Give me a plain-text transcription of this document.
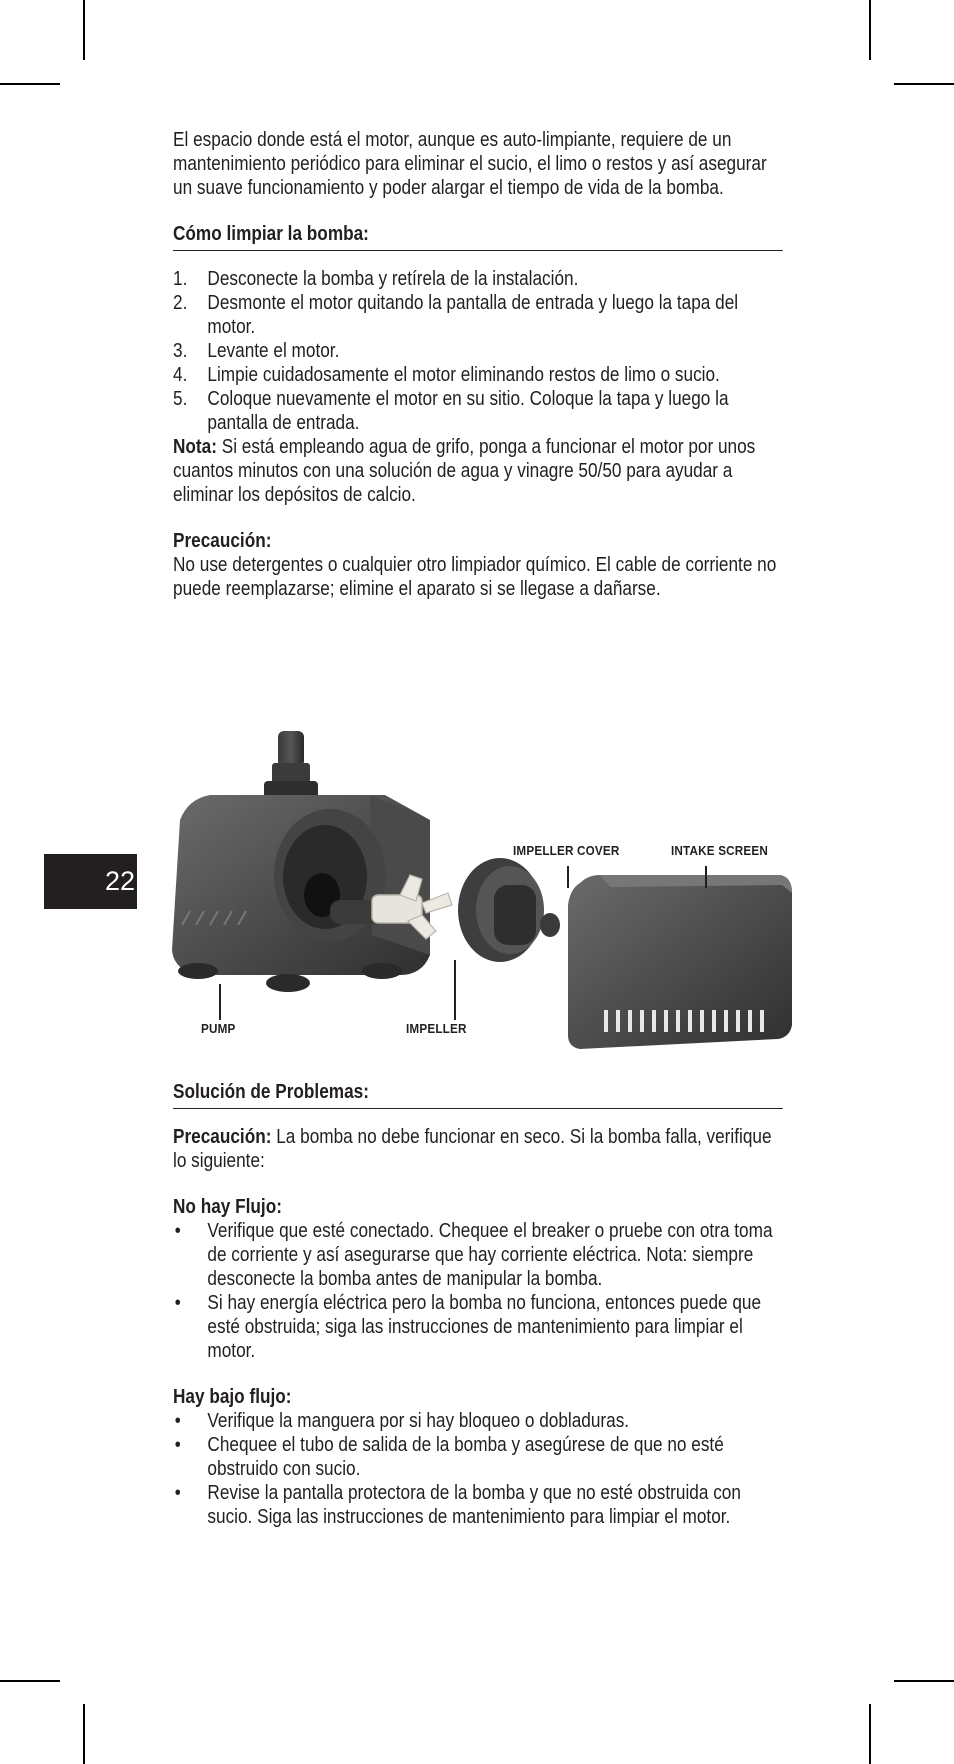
22

El espacio donde está el motor, aunque es auto-limpiante, requiere de un mantenimiento periódico para eliminar el sucio, el limo o restos y así asegurar un suave funcionamiento y poder alargar el tiempo de vida de la bomba.

Cómo limpiar la bomba:
1. Desconecte la bomba y retírela de la instalación.
2. Desmonte el motor quitando la pantalla de entrada y luego la tapa del motor.
3. Levante el motor.
4. Limpie cuidadosamente el motor eliminando restos de limo o sucio.
5. Coloque nuevamente el motor en su sitio. Coloque la tapa y luego la pantalla de entrada.

Nota: Si está empleando agua de grifo, ponga a funcionar el motor por unos cuantos minutos con una solución de agua y vinagre 50/50 para ayudar a eliminar los depósitos de calcio.

Precaución:

No use detergentes o cualquier otro limpiador químico. El cable de corriente no puede reemplazarse; elimine el aparato si se llegase a dañarse.

PUMP	IMPELLER
IMPELLER COVER	INTAKE SCREEN
Solución de Problemas:

Precaución: La bomba no debe funcionar en seco. Si la bomba falla, verifique lo siguiente:

No hay Flujo:

• Verifique que esté conectado. Chequee el breaker o pruebe con otra toma de corriente y así asegurarse que hay corriente eléctrica. Nota: siempre desconecte la bomba antes de manipular la bomba.
• Si hay energía eléctrica pero la bomba no funciona, entonces puede que esté obstruida; siga las instrucciones de mantenimiento para limpiar el motor.

Hay bajo flujo:

• Verifique la manguera por si hay bloqueo o dobladuras.
• Chequee el tubo de salida de la bomba y asegúrese de que no esté obstruido con sucio.
• Revise la pantalla protectora de la bomba y que no esté obstruida con sucio. Siga las instrucciones de mantenimiento para limpiar el motor.
